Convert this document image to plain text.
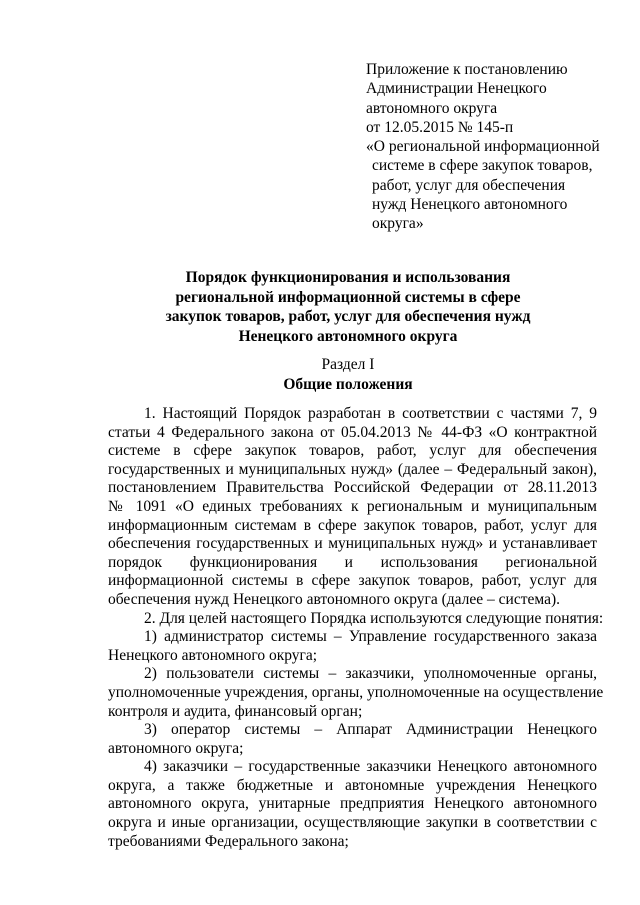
Приложение к постановлению
Администрации Ненецкого
автономного округа
от 12.05.2015 № 145-п
«О региональной информационной
системе в сфере закупок товаров,
работ, услуг для обеспечения
нужд Ненецкого автономного
округа»
Порядок функционирования и использования
региональной информационной системы в сфере
закупок товаров, работ, услуг для обеспечения нужд
Ненецкого автономного округа
Раздел I
Общие положения
1. Настоящий Порядок разработан в соответствии с частями 7, 9
статьи 4 Федерального закона от 05.04.2013 № 44-ФЗ «О контрактной
системе в сфере закупок товаров, работ, услуг для обеспечения
государственных и муниципальных нужд» (далее – Федеральный закон),
постановлением Правительства Российской Федерации от 28.11.2013
№ 1091 «О единых требованиях к региональным и муниципальным
информационным системам в сфере закупок товаров, работ, услуг для
обеспечения государственных и муниципальных нужд» и устанавливает
порядок функционирования и использования региональной
информационной системы в сфере закупок товаров, работ, услуг для
обеспечения нужд Ненецкого автономного округа (далее – система).
2. Для целей настоящего Порядка используются следующие понятия:
1) администратор системы – Управление государственного заказа
Ненецкого автономного округа;
2) пользователи системы – заказчики, уполномоченные органы,
уполномоченные учреждения, органы, уполномоченные на осуществление
контроля и аудита, финансовый орган;
3) оператор системы – Аппарат Администрации Ненецкого
автономного округа;
4) заказчики – государственные заказчики Ненецкого автономного
округа, а также бюджетные и автономные учреждения Ненецкого
автономного округа, унитарные предприятия Ненецкого автономного
округа и иные организации, осуществляющие закупки в соответствии с
требованиями Федерального закона;
